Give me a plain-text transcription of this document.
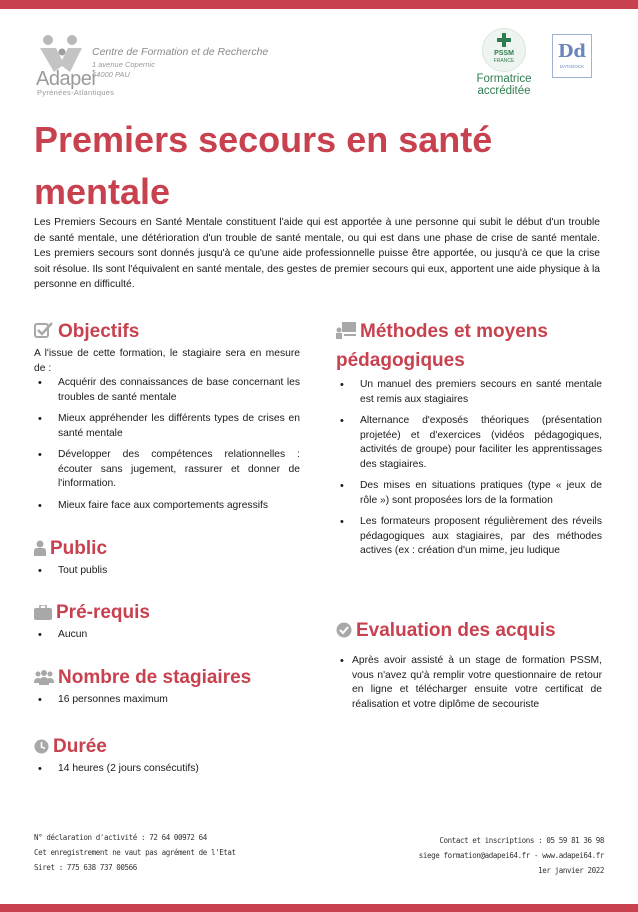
Adapei
Pyrénées-Atlantiques
Centre de Formation et de Recherche
1 avenue Copernic
64000 PAU
PSSM
FRANCE
Formatrice
accréditée
Dd
DATADOCK
Premiers secours en santé mentale

Les Premiers Secours en Santé Mentale constituent l'aide qui est apportée à une personne qui subit le début d'un trouble de santé mentale, une détérioration d'un trouble de santé mentale, ou qui est dans une phase de crise de santé mentale. Les premiers secours sont donnés jusqu'à ce qu'une aide professionnelle puisse être apportée, ou jusqu'à ce que la crise soit résolue. Ils sont l'équivalent en santé mentale, des gestes de premier secours qui eux, apportent une aide physique à la personne en difficulté.

Objectifs

A l'issue de cette formation, le stagiaire sera en mesure de :

• Acquérir des connaissances de base concernant les troubles de santé mentale
• Mieux appréhender les différents types de crises en santé mentale
• Développer des compétences relationnelles : écouter sans jugement, rassurer et donner de l'information.
• Mieux faire face aux comportements agressifs
Public
• Tout publis
Pré-requis
• Aucun
Nombre de stagiaires
• 16 personnes maximum
Durée
• 14 heures (2 jours consécutifs)
Méthodes et moyens pédagogiques
• Un manuel des premiers secours en santé mentale est remis aux stagiaires
• Alternance d'exposés théoriques (présentation projetée) et d'exercices (vidéos pédagogiques, activités de groupe) pour faciliter les apprentissages des stagiaires.
• Des mises en situations pratiques (type « jeux de rôle ») sont proposées lors de la formation
• Les formateurs proposent régulièrement des réveils pédagogiques aux stagiaires, par des méthodes actives (ex : création d'un mime, jeu ludique
Evaluation des acquis
• Après avoir assisté à un stage de formation PSSM, vous n'avez qu'à remplir votre questionnaire de retour en ligne et télécharger ensuite votre certificat de réalisation et votre diplôme de secouriste
N° déclaration d'activité : 72 64 00972 64
Cet enregistrement ne vaut pas agrément de l'Etat
Siret : 775 638 737 00566
Contact et inscriptions : 05 59 81 36 98
siege formation@adapei64.fr - www.adapei64.fr
1er janvier 2022
